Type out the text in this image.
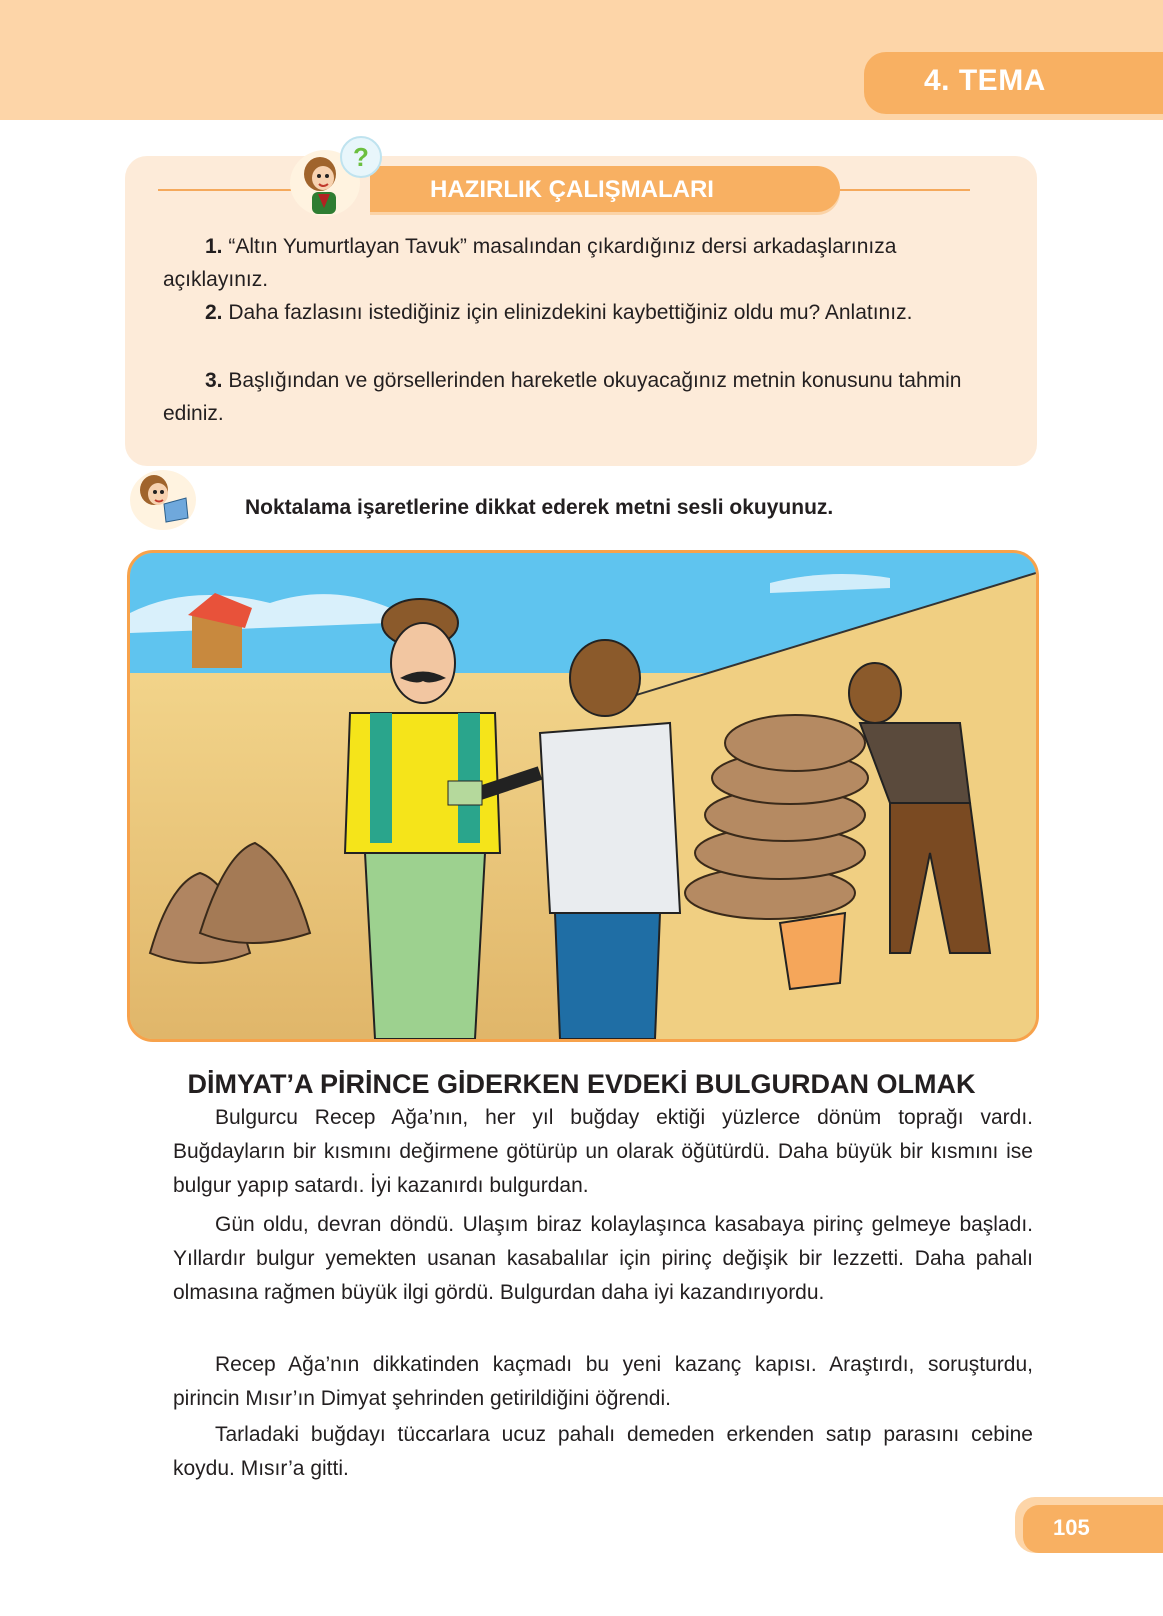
4. TEMA
HAZIRLIK ÇALIŞMALARI
?
1. “Altın Yumurtlayan Tavuk” masalından çıkardığınız dersi arkadaşlarınıza açıklayınız.
2. Daha fazlasını istediğiniz için elinizdekini kaybettiğiniz oldu mu? Anlatınız.
3. Başlığından ve görsellerinden hareketle okuyacağınız metnin konusunu tahmin ediniz.
Noktalama işaretlerine dikkat ederek metni sesli okuyunuz.
DİMYAT’A PİRİNCE GİDERKEN EVDEKİ BULGURDAN OLMAK
Bulgurcu Recep Ağa’nın, her yıl buğday ektiği yüzlerce dönüm toprağı vardı. Buğdayların bir kısmını değirmene götürüp un olarak öğütürdü. Daha büyük bir kısmını ise bulgur yapıp satardı. İyi kazanırdı bulgurdan.
Gün oldu, devran döndü. Ulaşım biraz kolaylaşınca kasabaya pirinç gelmeye başladı. Yıllardır bulgur yemekten usanan kasabalılar için pirinç değişik bir lezzetti. Daha pahalı olmasına rağmen büyük ilgi gördü. Bulgurdan daha iyi kazandırıyordu.
Recep Ağa’nın dikkatinden kaçmadı bu yeni kazanç kapısı. Araştırdı, soruşturdu, pirincin Mısır’ın Dimyat şehrinden getirildiğini öğrendi.
Tarladaki buğdayı tüccarlara ucuz pahalı demeden erkenden satıp parasını cebine koydu. Mısır’a gitti.
105
